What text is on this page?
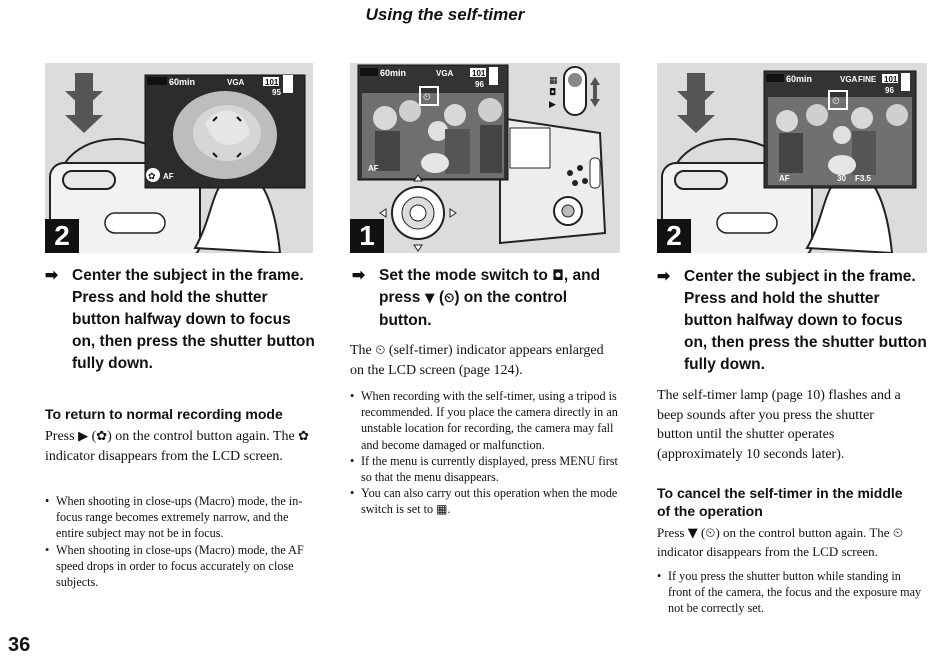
Using the self-timer
60min	VGA	101
95
✿ AF
2
➡ Center the subject in the frame. Press and hold the shutter button halfway down to focus on, then press the shutter button fully down.
To return to normal recording mode
Press ▶ (✿) on the control button again. The ✿ indicator disappears from the LCD screen.
• When shooting in close-ups (Macro) mode, the in-focus range becomes extremely narrow, and the entire subject may not be in focus.
• When shooting in close-ups (Macro) mode, the AF speed drops in order to focus accurately on close subjects.
▦
◘
▶
⏲
60min	VGA 101
96
AF
1
➡ Set the mode switch to ◘, and press ▼ (⏲) on the control button.
The ⏲ (self-timer) indicator appears enlarged on the LCD screen (page 124).
• When recording with the self-timer, using a tripod is recommended. If you place the camera directly in an unstable location for recording, the camera may fall and become damaged or malfunction.
• If the menu is currently displayed, press MENU first so that the menu disappears.
• You can also carry out this operation when the mode switch is set to ▦.
⏲
60min	VGA FINE 101
96
AF	30 F3.5
2
➡ Center the subject in the frame. Press and hold the shutter button halfway down to focus on, then press the shutter button fully down.
The self-timer lamp (page 10) flashes and a beep sounds after you press the shutter button until the shutter operates (approximately 10 seconds later).
To cancel the self-timer in the middle of the operation
Press ▼ (⏲) on the control button again. The ⏲ indicator disappears from the LCD screen.
• If you press the shutter button while standing in front of the camera, the focus and the exposure may not be correctly set.
36
